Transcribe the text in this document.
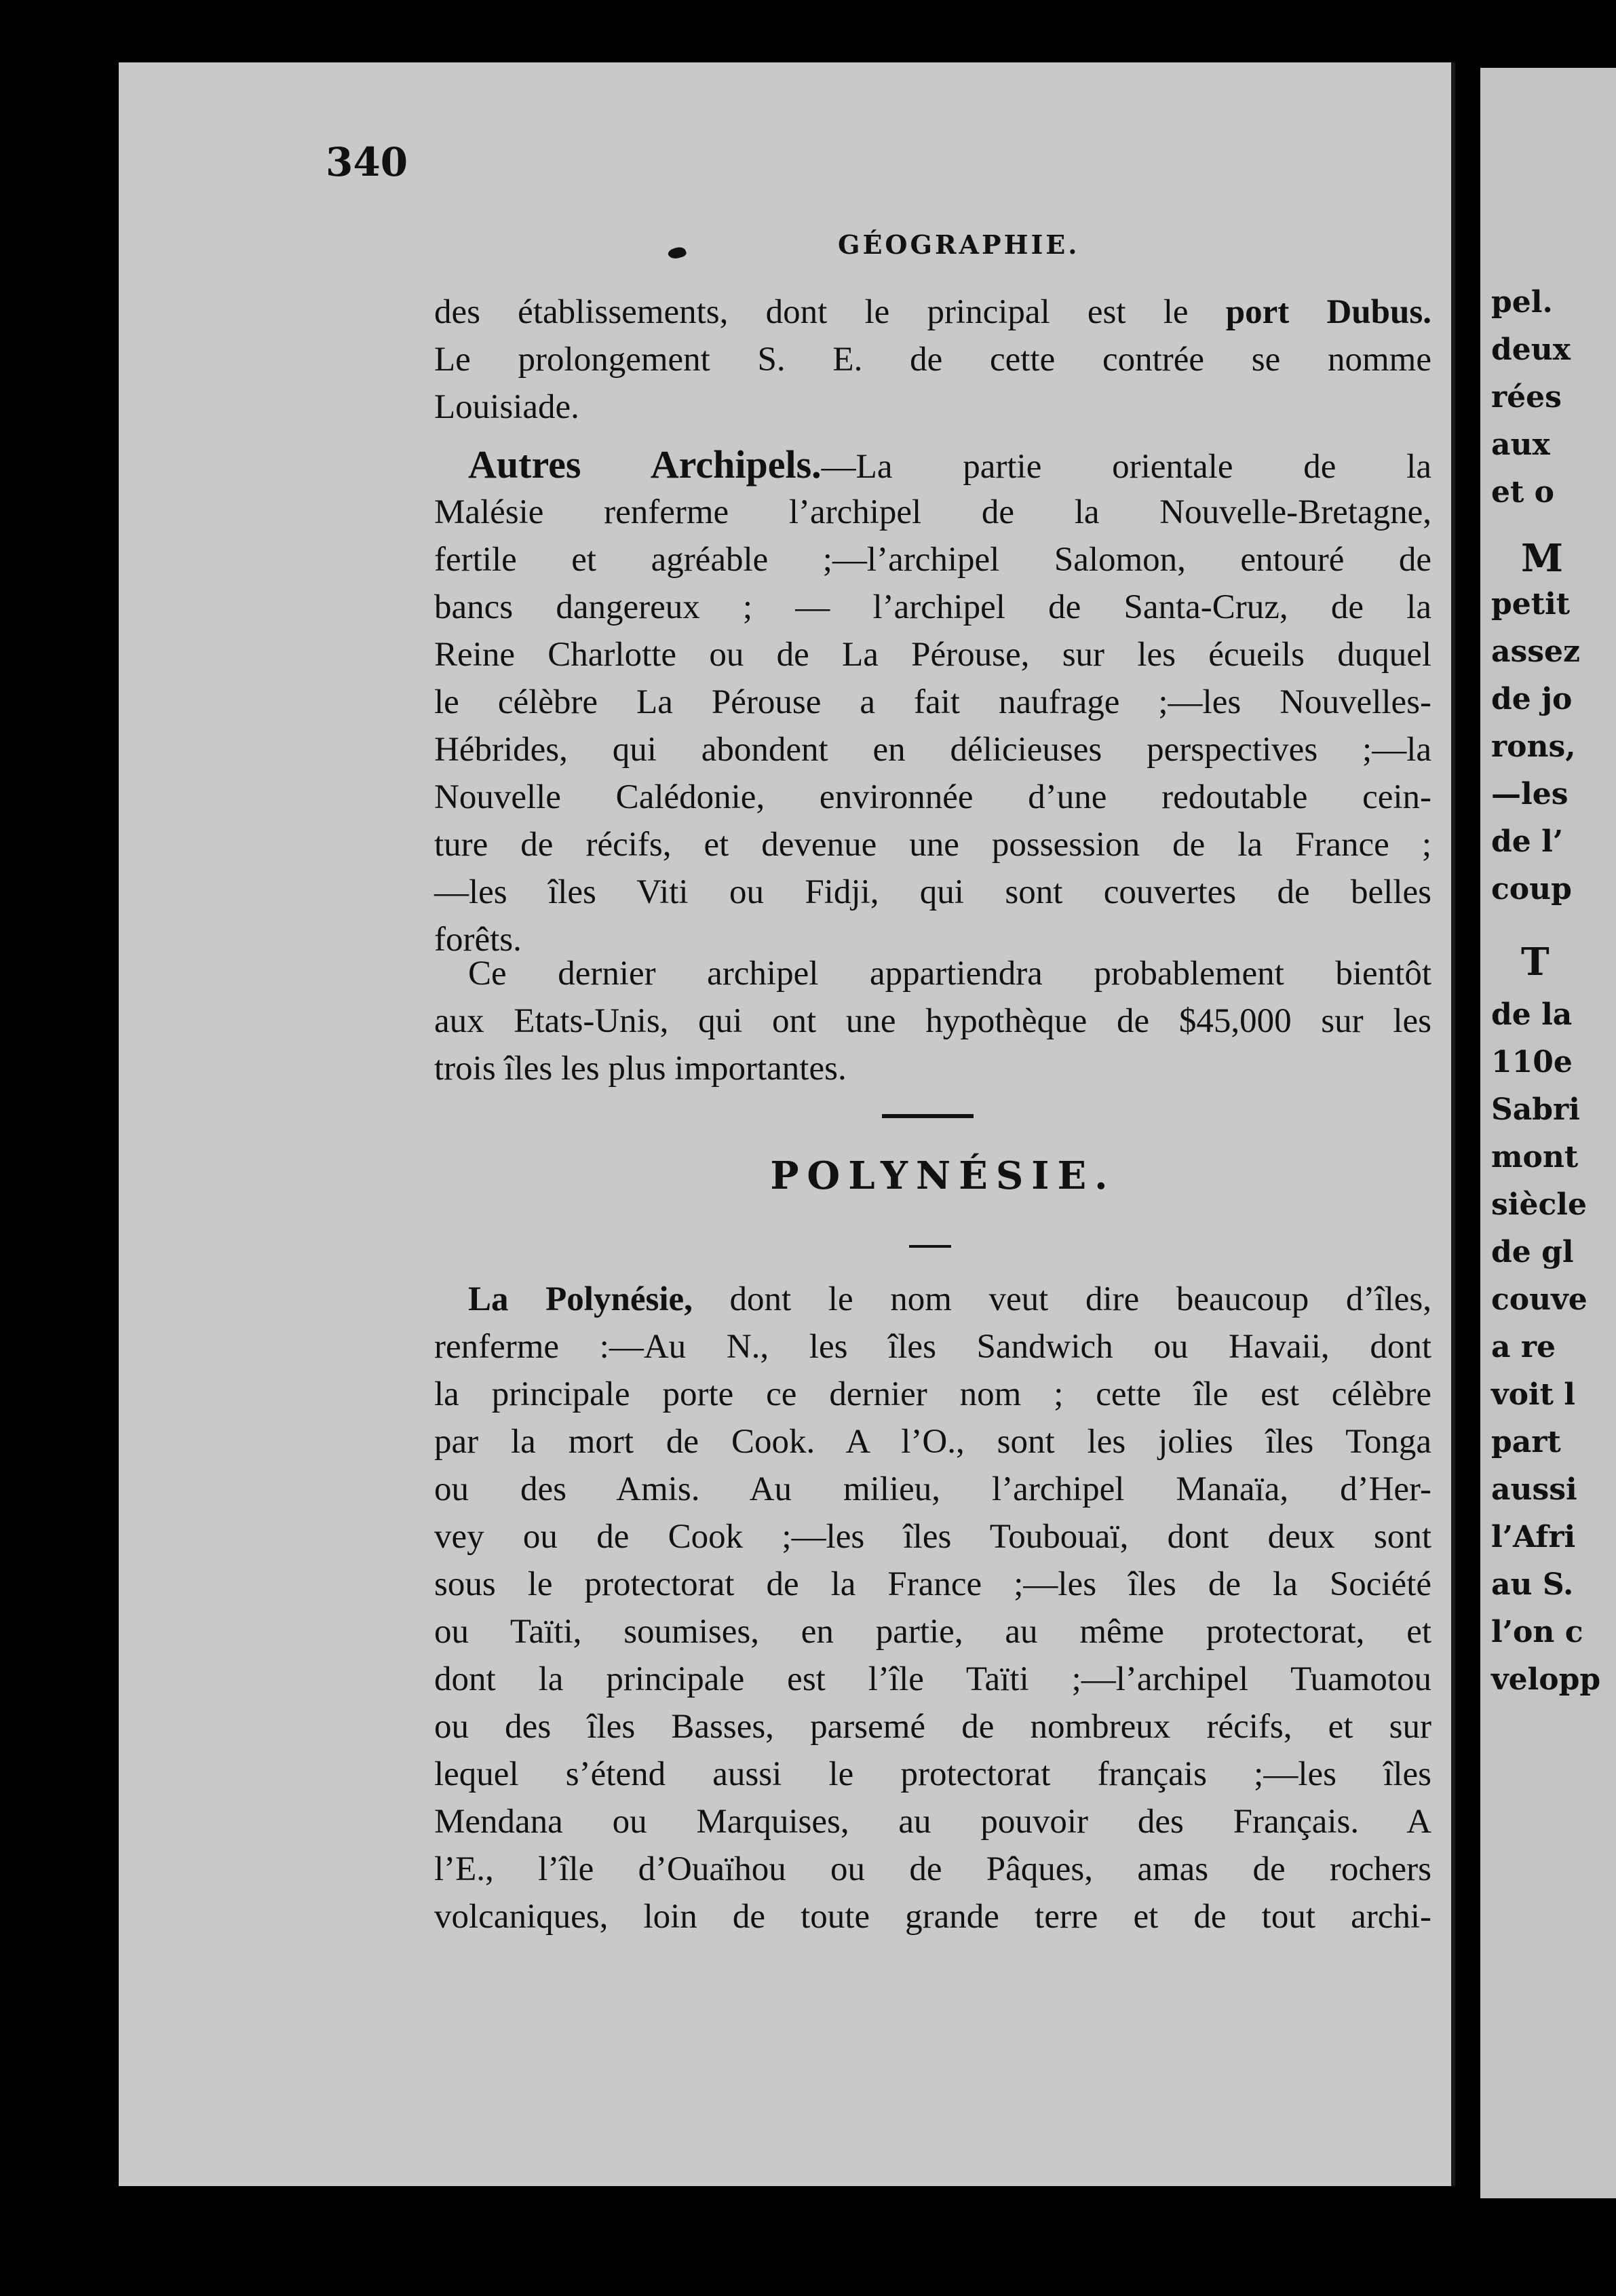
340
GÉOGRAPHIE.
des établissements, dont le principal est le port Dubus.
Le prolongement S. E. de cette contrée se nomme
Louisiade.
Autres Archipels.—La partie orientale de la
Malésie renferme l’archipel de la Nouvelle-Bretagne,
fertile et agréable ;—l’archipel Salomon, entouré de
bancs dangereux ; — l’archipel de Santa-Cruz, de la
Reine Charlotte ou de La Pérouse, sur les écueils duquel
le célèbre La Pérouse a fait naufrage ;—les Nouvelles-
Hébrides, qui abondent en délicieuses perspectives ;—la
Nouvelle Calédonie, environnée d’une redoutable cein-
ture de récifs, et devenue une possession de la France ;
—les îles Viti ou Fidji, qui sont couvertes de belles
forêts.
Ce dernier archipel appartiendra probablement bientôt
aux Etats-Unis, qui ont une hypothèque de $45,000 sur les
trois îles les plus importantes.
POLYNÉSIE.
La Polynésie, dont le nom veut dire beaucoup d’îles,
renferme :—Au N., les îles Sandwich ou Havaii, dont
la principale porte ce dernier nom ; cette île est célèbre
par la mort de Cook. A l’O., sont les jolies îles Tonga
ou des Amis. Au milieu, l’archipel Manaïa, d’Her-
vey ou de Cook ;—les îles Toubouaï, dont deux sont
sous le protectorat de la France ;—les îles de la Société
ou Taïti, soumises, en partie, au même protectorat, et
dont la principale est l’île Taïti ;—l’archipel Tuamotou
ou des îles Basses, parsemé de nombreux récifs, et sur
lequel s’étend aussi le protectorat français ;—les îles
Mendana ou Marquises, au pouvoir des Français. A
l’E., l’île d’Ouaïhou ou de Pâques, amas de rochers
volcaniques, loin de toute grande terre et de tout archi-
pel.
deux
rées
aux
et o
M
petit
assez
de jo
rons,
—les
de l’
coup
T
de la
110e
Sabri
mont
siècle
de gl
couve
a re
voit l
part
aussi
l’Afri
au S.
l’on c
velopp
